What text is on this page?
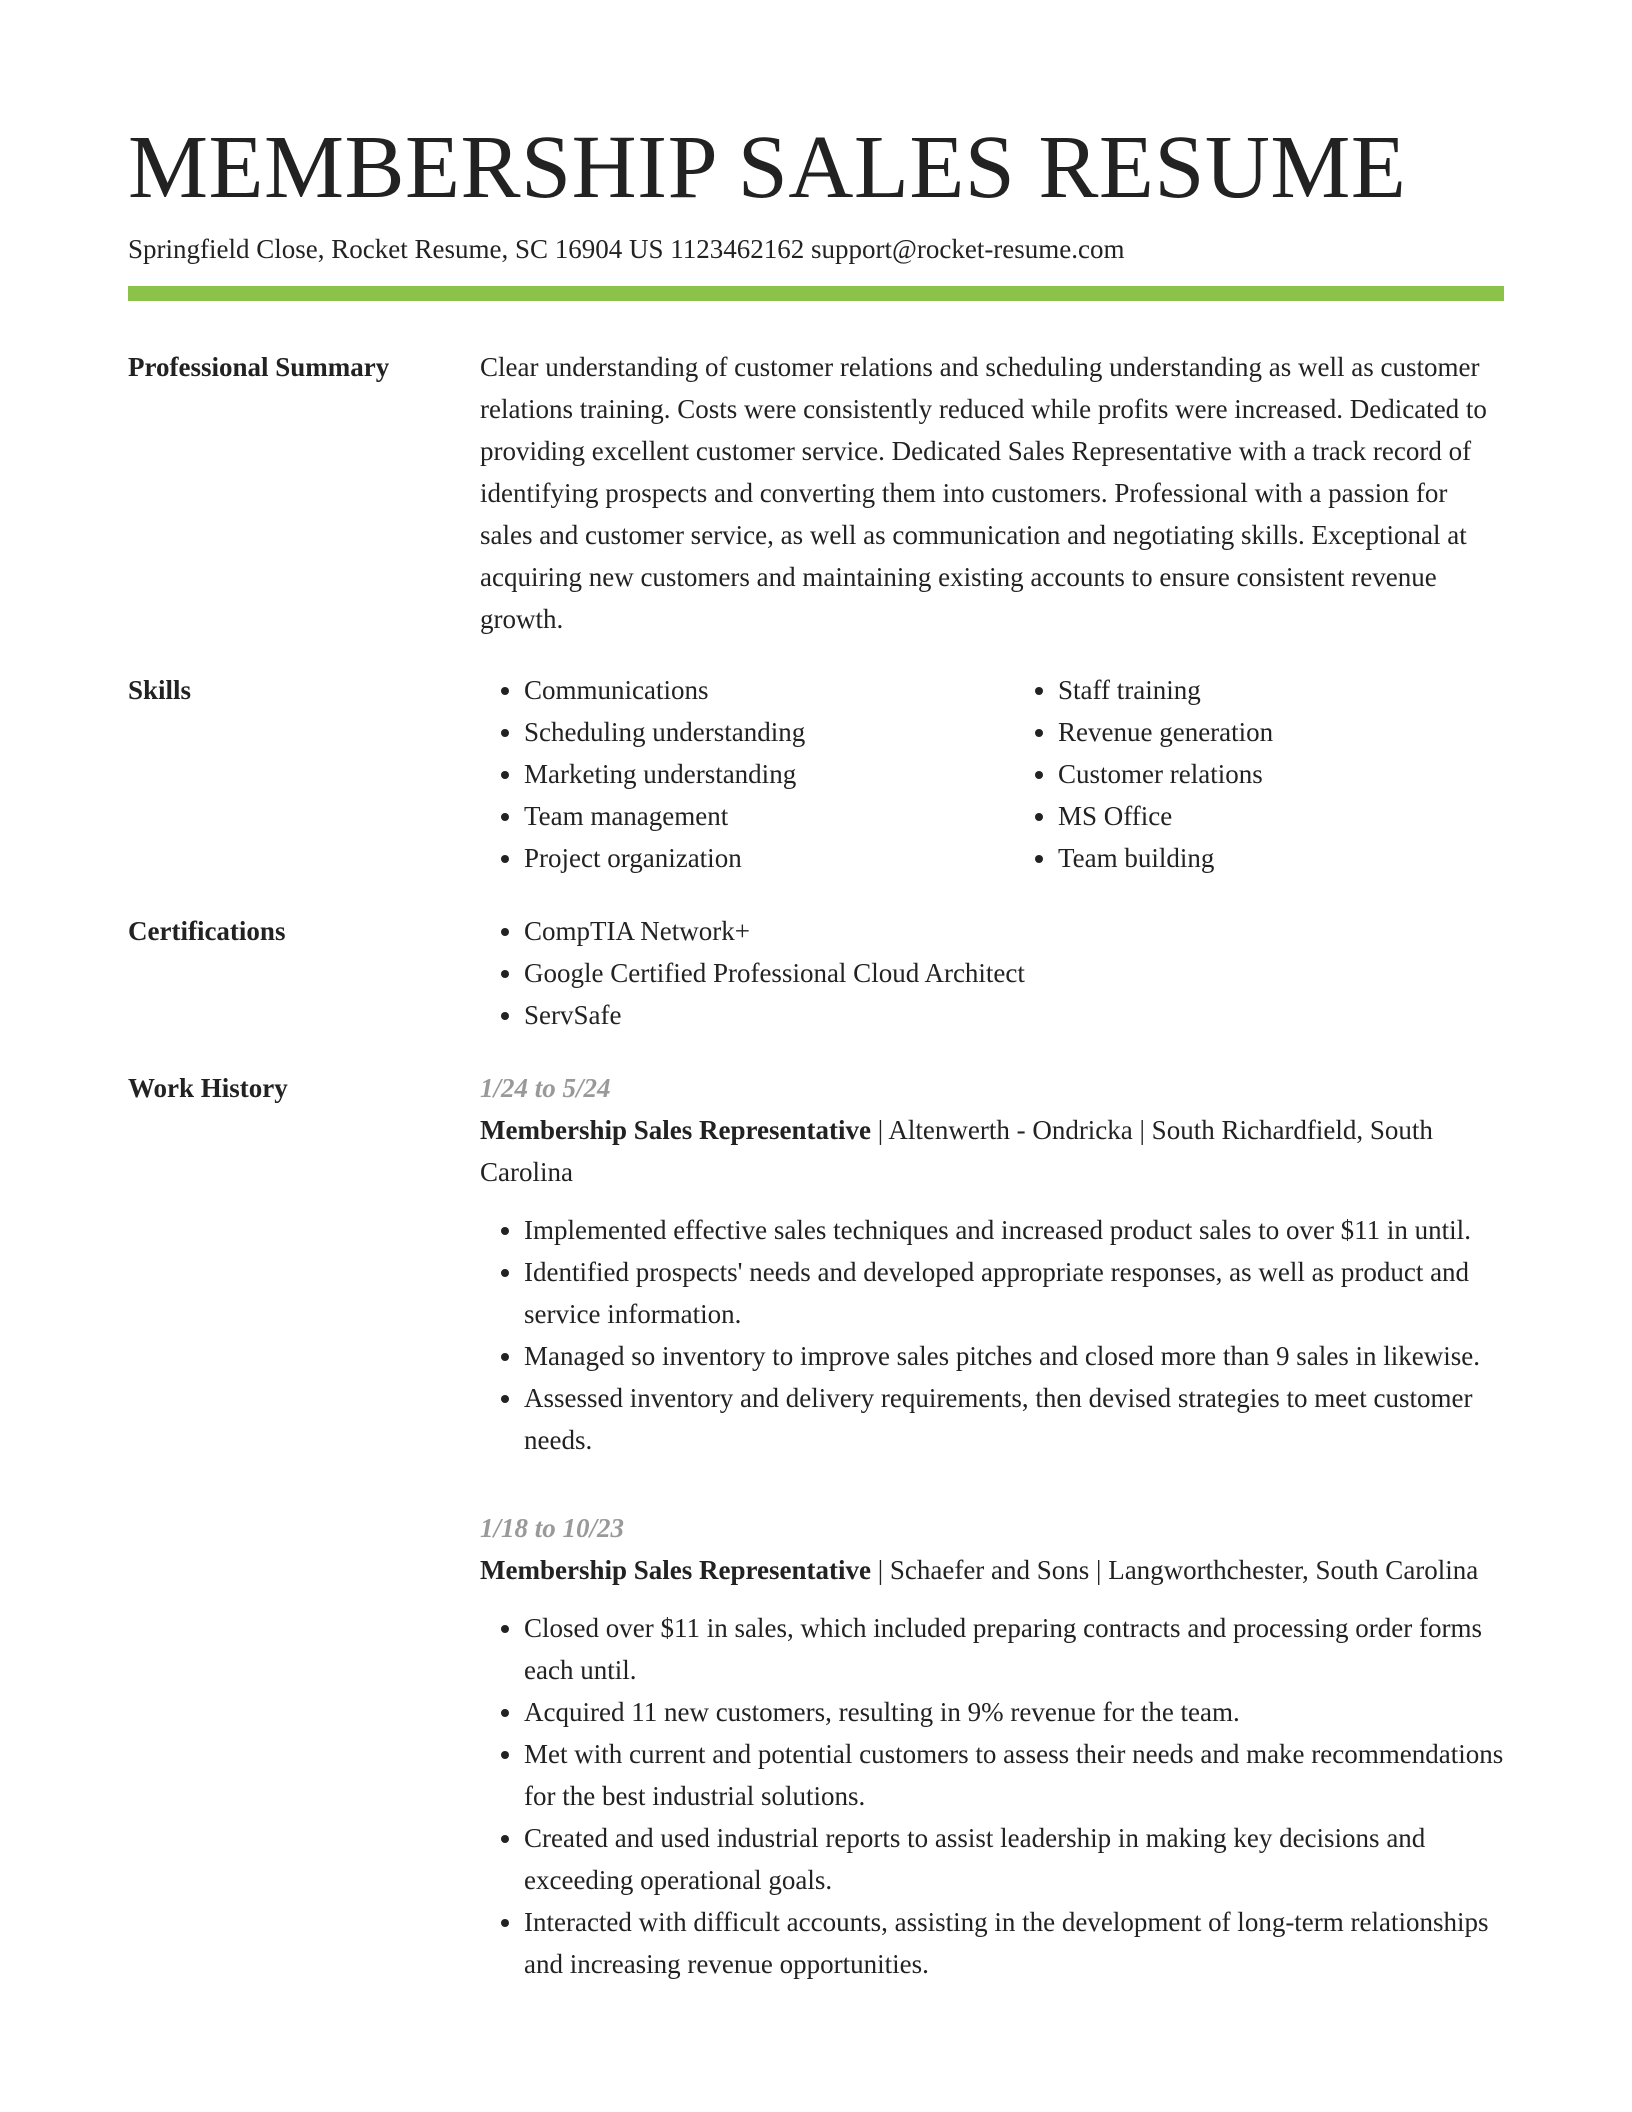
MEMBERSHIP SALES RESUME
Springfield Close, Rocket Resume, SC 16904 US 1123462162 support@rocket-resume.com
Professional Summary	Clear understanding of customer relations and scheduling understanding as well as customer relations training. Costs were consistently reduced while profits were increased. Dedicated to providing excellent customer service. Dedicated Sales Representative with a track record of identifying prospects and converting them into customers. Professional with a passion for sales and customer service, as well as communication and negotiating skills. Exceptional at acquiring new customers and maintaining existing accounts to ensure consistent revenue growth.

Skills	• Communications
• Scheduling understanding
• Marketing understanding
• Team management
• Project organization
• Staff training
• Revenue generation
• Customer relations
• MS Office
• Team building
Certifications	• CompTIA Network+
• Google Certified Professional Cloud Architect
• ServSafe
Work History	1/24 to 5/24
Membership Sales Representative | Altenwerth - Ondricka | South Richardfield, South Carolina
• Implemented effective sales techniques and increased product sales to over $11 in until.
• Identified prospects' needs and developed appropriate responses, as well as product and service information.
• Managed so inventory to improve sales pitches and closed more than 9 sales in likewise.
• Assessed inventory and delivery requirements, then devised strategies to meet customer needs.
1/18 to 10/23
Membership Sales Representative | Schaefer and Sons | Langworthchester, South Carolina
• Closed over $11 in sales, which included preparing contracts and processing order forms each until.
• Acquired 11 new customers, resulting in 9% revenue for the team.
• Met with current and potential customers to assess their needs and make recommendations for the best industrial solutions.
• Created and used industrial reports to assist leadership in making key decisions and exceeding operational goals.
• Interacted with difficult accounts, assisting in the development of long-term relationships and increasing revenue opportunities.
